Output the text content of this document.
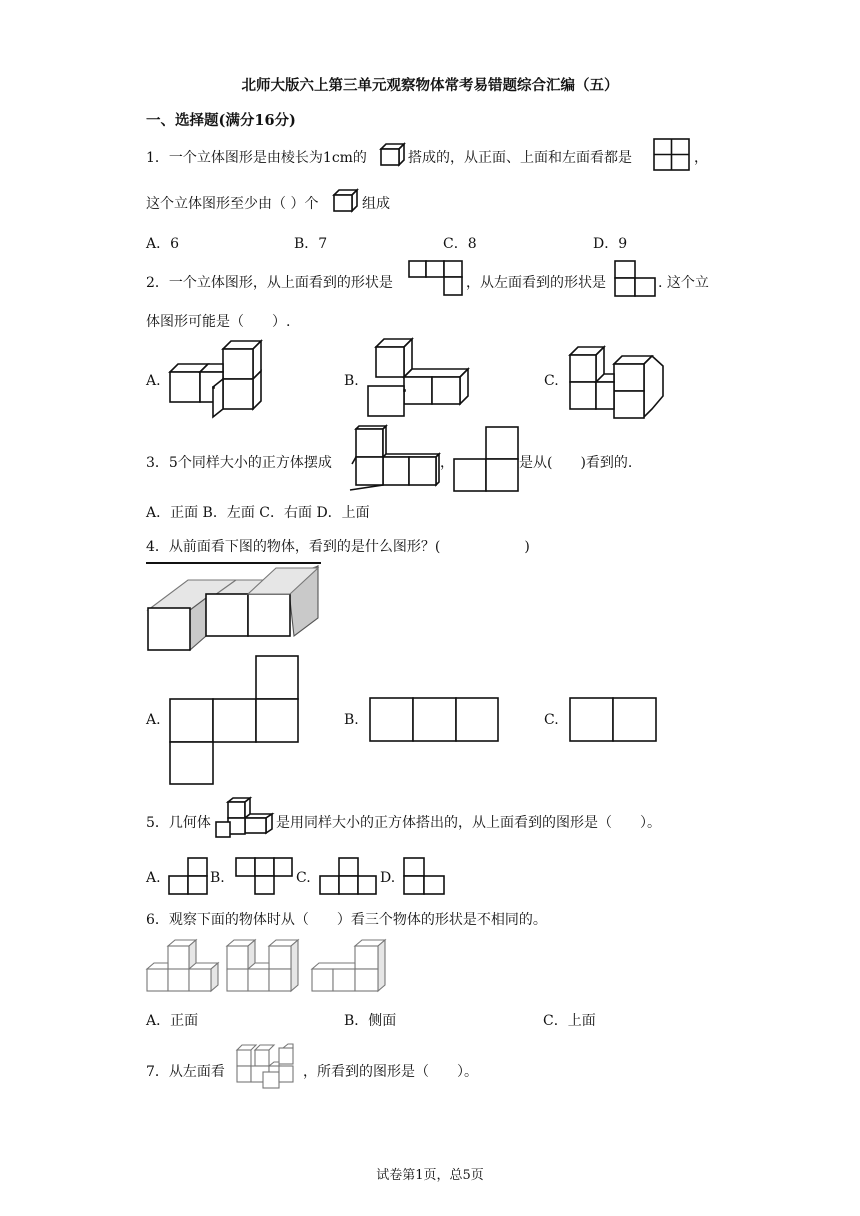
北师大版六上第三单元观察物体常考易错题综合汇编（五）
一、选择题(满分16分)
1．一个立体图形是由棱长为1cm的	搭成的，从正面、上面和左面看都是	，
这个立体图形至少由（ ）个	组成
A．6	B．7	C．8	D．9
2．一个立体图形，从上面看到的形状是	，从左面看到的形状是	. 这个立
体图形可能是（　　）.
A.	B.	C.
3．5个同样大小的正方体摆成	，	是从(　　)看到的.
A．正面 B．左面 C．右面 D．上面
4．从前面看下图的物体，看到的是什么图形？(　　　　　　)
A.	B.	C.
5．几何体	是用同样大小的正方体搭出的，从上面看到的图形是（　　）。
A.	B.	C.	D.
6．观察下面的物体时从（　　）看三个物体的形状是不相同的。
A．正面	B．侧面	C．上面
7．从左面看	，所看到的图形是（　　）。
试卷第1页，总5页
